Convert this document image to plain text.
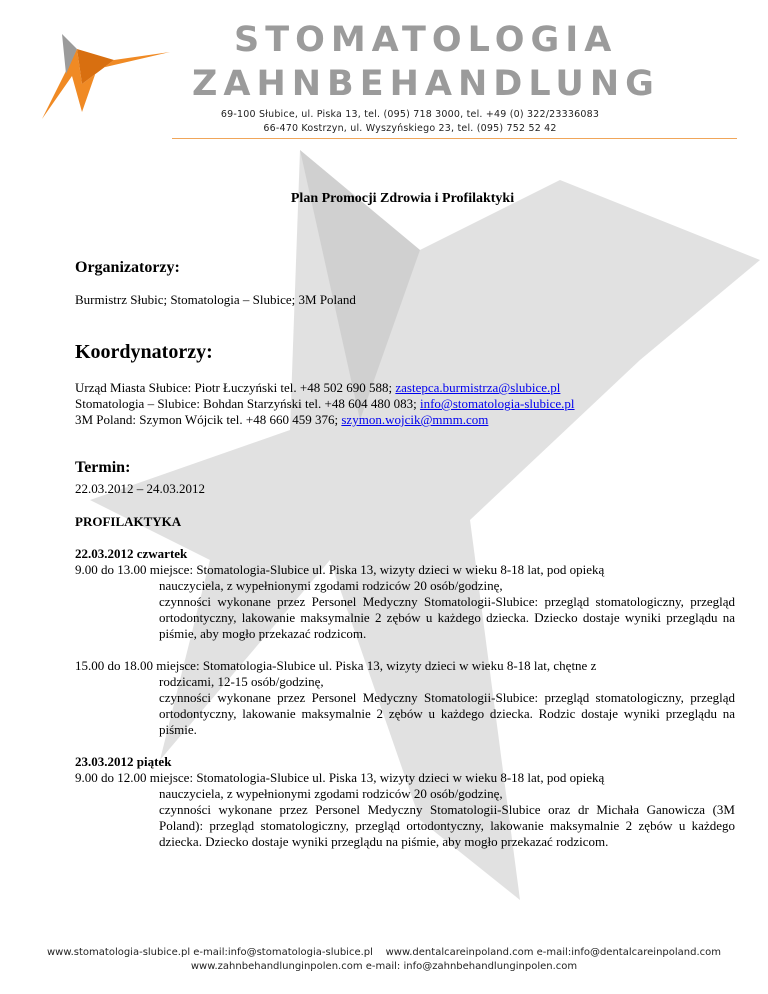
STOMATOLOGIA
ZAHNBEHANDLUNG
69-100 Słubice, ul. Piska 13, tel. (095) 718 3000, tel. +49 (0) 322/23336083
66-470 Kostrzyn, ul. Wyszyńskiego 23, tel. (095) 752 52 42
Plan Promocji Zdrowia i Profilaktyki
Organizatorzy:
Burmistrz Słubic; Stomatologia – Slubice; 3M Poland
Koordynatorzy:
Urząd Miasta Słubice: Piotr Łuczyński tel. +48 502 690 588; zastepca.burmistrza@slubice.pl
Stomatologia – Slubice: Bohdan Starzyński tel. +48 604 480 083; info@stomatologia-slubice.pl
3M Poland: Szymon Wójcik tel. +48 660 459 376; szymon.wojcik@mmm.com
Termin:
22.03.2012 – 24.03.2012
PROFILAKTYKA
22.03.2012 czwartek
9.00 do 13.00 miejsce: Stomatologia-Slubice ul. Piska 13, wizyty dzieci w wieku 8-18 lat, pod opieką
nauczyciela, z wypełnionymi zgodami rodziców 20 osób/godzinę,
czynności wykonane przez Personel Medyczny Stomatologii-Slubice: przegląd stomatologiczny, przegląd ortodontyczny, lakowanie maksymalnie 2 zębów u każdego dziecka. Dziecko dostaje wyniki przeglądu na piśmie, aby mogło przekazać rodzicom.
15.00 do 18.00 miejsce: Stomatologia-Slubice ul. Piska 13, wizyty dzieci w wieku 8-18 lat, chętne z
rodzicami, 12-15 osób/godzinę,
czynności wykonane przez Personel Medyczny Stomatologii-Slubice: przegląd stomatologiczny, przegląd ortodontyczny, lakowanie maksymalnie 2 zębów u każdego dziecka. Rodzic dostaje wyniki przeglądu na piśmie.
23.03.2012 piątek
9.00 do 12.00 miejsce: Stomatologia-Slubice ul. Piska 13, wizyty dzieci w wieku 8-18 lat, pod opieką
nauczyciela, z wypełnionymi zgodami rodziców 20 osób/godzinę,
czynności wykonane przez Personel Medyczny Stomatologii-Slubice oraz dr Michała Ganowicza (3M Poland): przegląd stomatologiczny, przegląd ortodontyczny, lakowanie maksymalnie 2 zębów u każdego dziecka. Dziecko dostaje wyniki przeglądu na piśmie, aby mogło przekazać rodzicom.
www.stomatologia-slubice.pl e-mail:info@stomatologia-slubice.pl    www.dentalcareinpoland.com e-mail:info@dentalcareinpoland.com
www.zahnbehandlunginpolen.com e-mail: info@zahnbehandlunginpolen.com
